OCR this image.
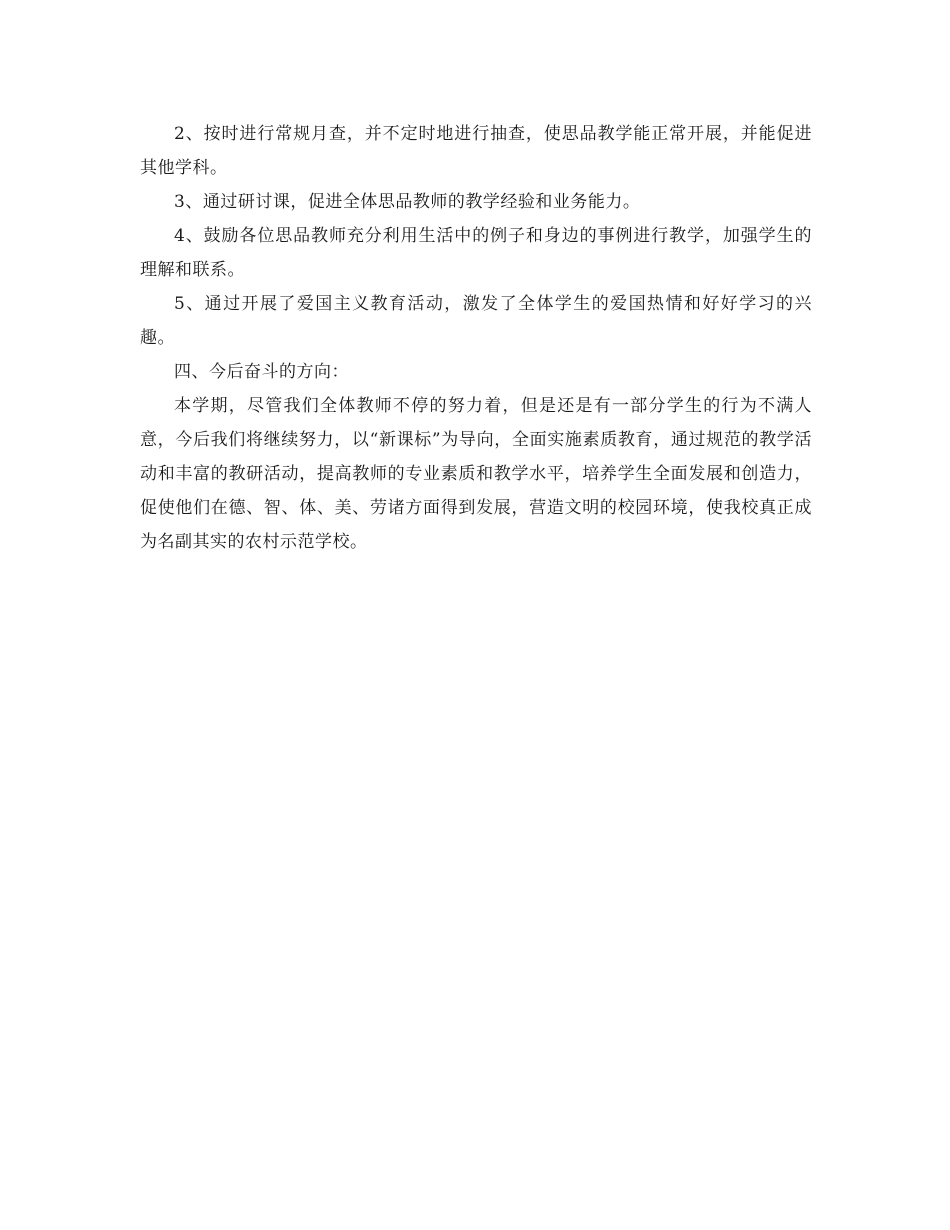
2、按时进行常规月查，并不定时地进行抽查，使思品教学能正常开展，并能促进其他学科。

3、通过研讨课，促进全体思品教师的教学经验和业务能力。

4、鼓励各位思品教师充分利用生活中的例子和身边的事例进行教学，加强学生的理解和联系。

5、通过开展了爱国主义教育活动，激发了全体学生的爱国热情和好好学习的兴趣。

四、今后奋斗的方向：

本学期，尽管我们全体教师不停的努力着，但是还是有一部分学生的行为不满人意，今后我们将继续努力，以“新课标”为导向，全面实施素质教育，通过规范的教学活动和丰富的教研活动，提高教师的专业素质和教学水平，培养学生全面发展和创造力，促使他们在德、智、体、美、劳诸方面得到发展，营造文明的校园环境，使我校真正成为名副其实的农村示范学校。
